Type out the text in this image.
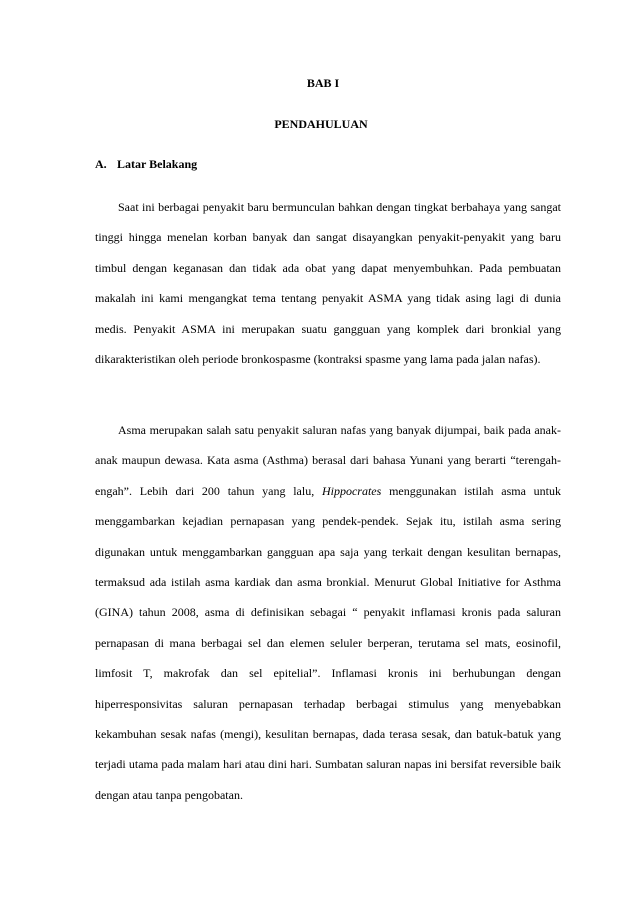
BAB I

PENDAHULUAN

A. Latar Belakang

Saat ini berbagai penyakit baru bermunculan bahkan dengan tingkat berbahaya yang sangat tinggi hingga menelan korban banyak dan sangat disayangkan penyakit-penyakit yang baru timbul dengan keganasan dan tidak ada obat yang dapat menyembuhkan. Pada pembuatan makalah ini kami mengangkat tema tentang penyakit ASMA yang tidak asing lagi di dunia medis. Penyakit ASMA ini merupakan suatu gangguan yang komplek dari bronkial yang dikarakteristikan oleh periode bronkospasme (kontraksi spasme yang lama pada jalan nafas).

Asma merupakan salah satu penyakit saluran nafas yang banyak dijumpai, baik pada anak-anak maupun dewasa. Kata asma (Asthma) berasal dari bahasa Yunani yang berarti “terengah-engah”. Lebih dari 200 tahun yang lalu, Hippocrates menggunakan istilah asma untuk menggambarkan kejadian pernapasan yang pendek-pendek. Sejak itu, istilah asma sering digunakan untuk menggambarkan gangguan apa saja yang terkait dengan kesulitan bernapas, termaksud ada istilah asma kardiak dan asma bronkial. Menurut Global Initiative for Asthma (GINA) tahun 2008, asma di definisikan sebagai “ penyakit inflamasi kronis pada saluran pernapasan di mana berbagai sel dan elemen seluler berperan, terutama sel mats, eosinofil, limfosit T, makrofak dan sel epitelial”. Inflamasi kronis ini berhubungan dengan hiperresponsivitas saluran pernapasan terhadap berbagai stimulus yang menyebabkan kekambuhan sesak nafas (mengi), kesulitan bernapas, dada terasa sesak, dan batuk-batuk yang terjadi utama pada malam hari atau dini hari. Sumbatan saluran napas ini bersifat reversible baik dengan atau tanpa pengobatan.
